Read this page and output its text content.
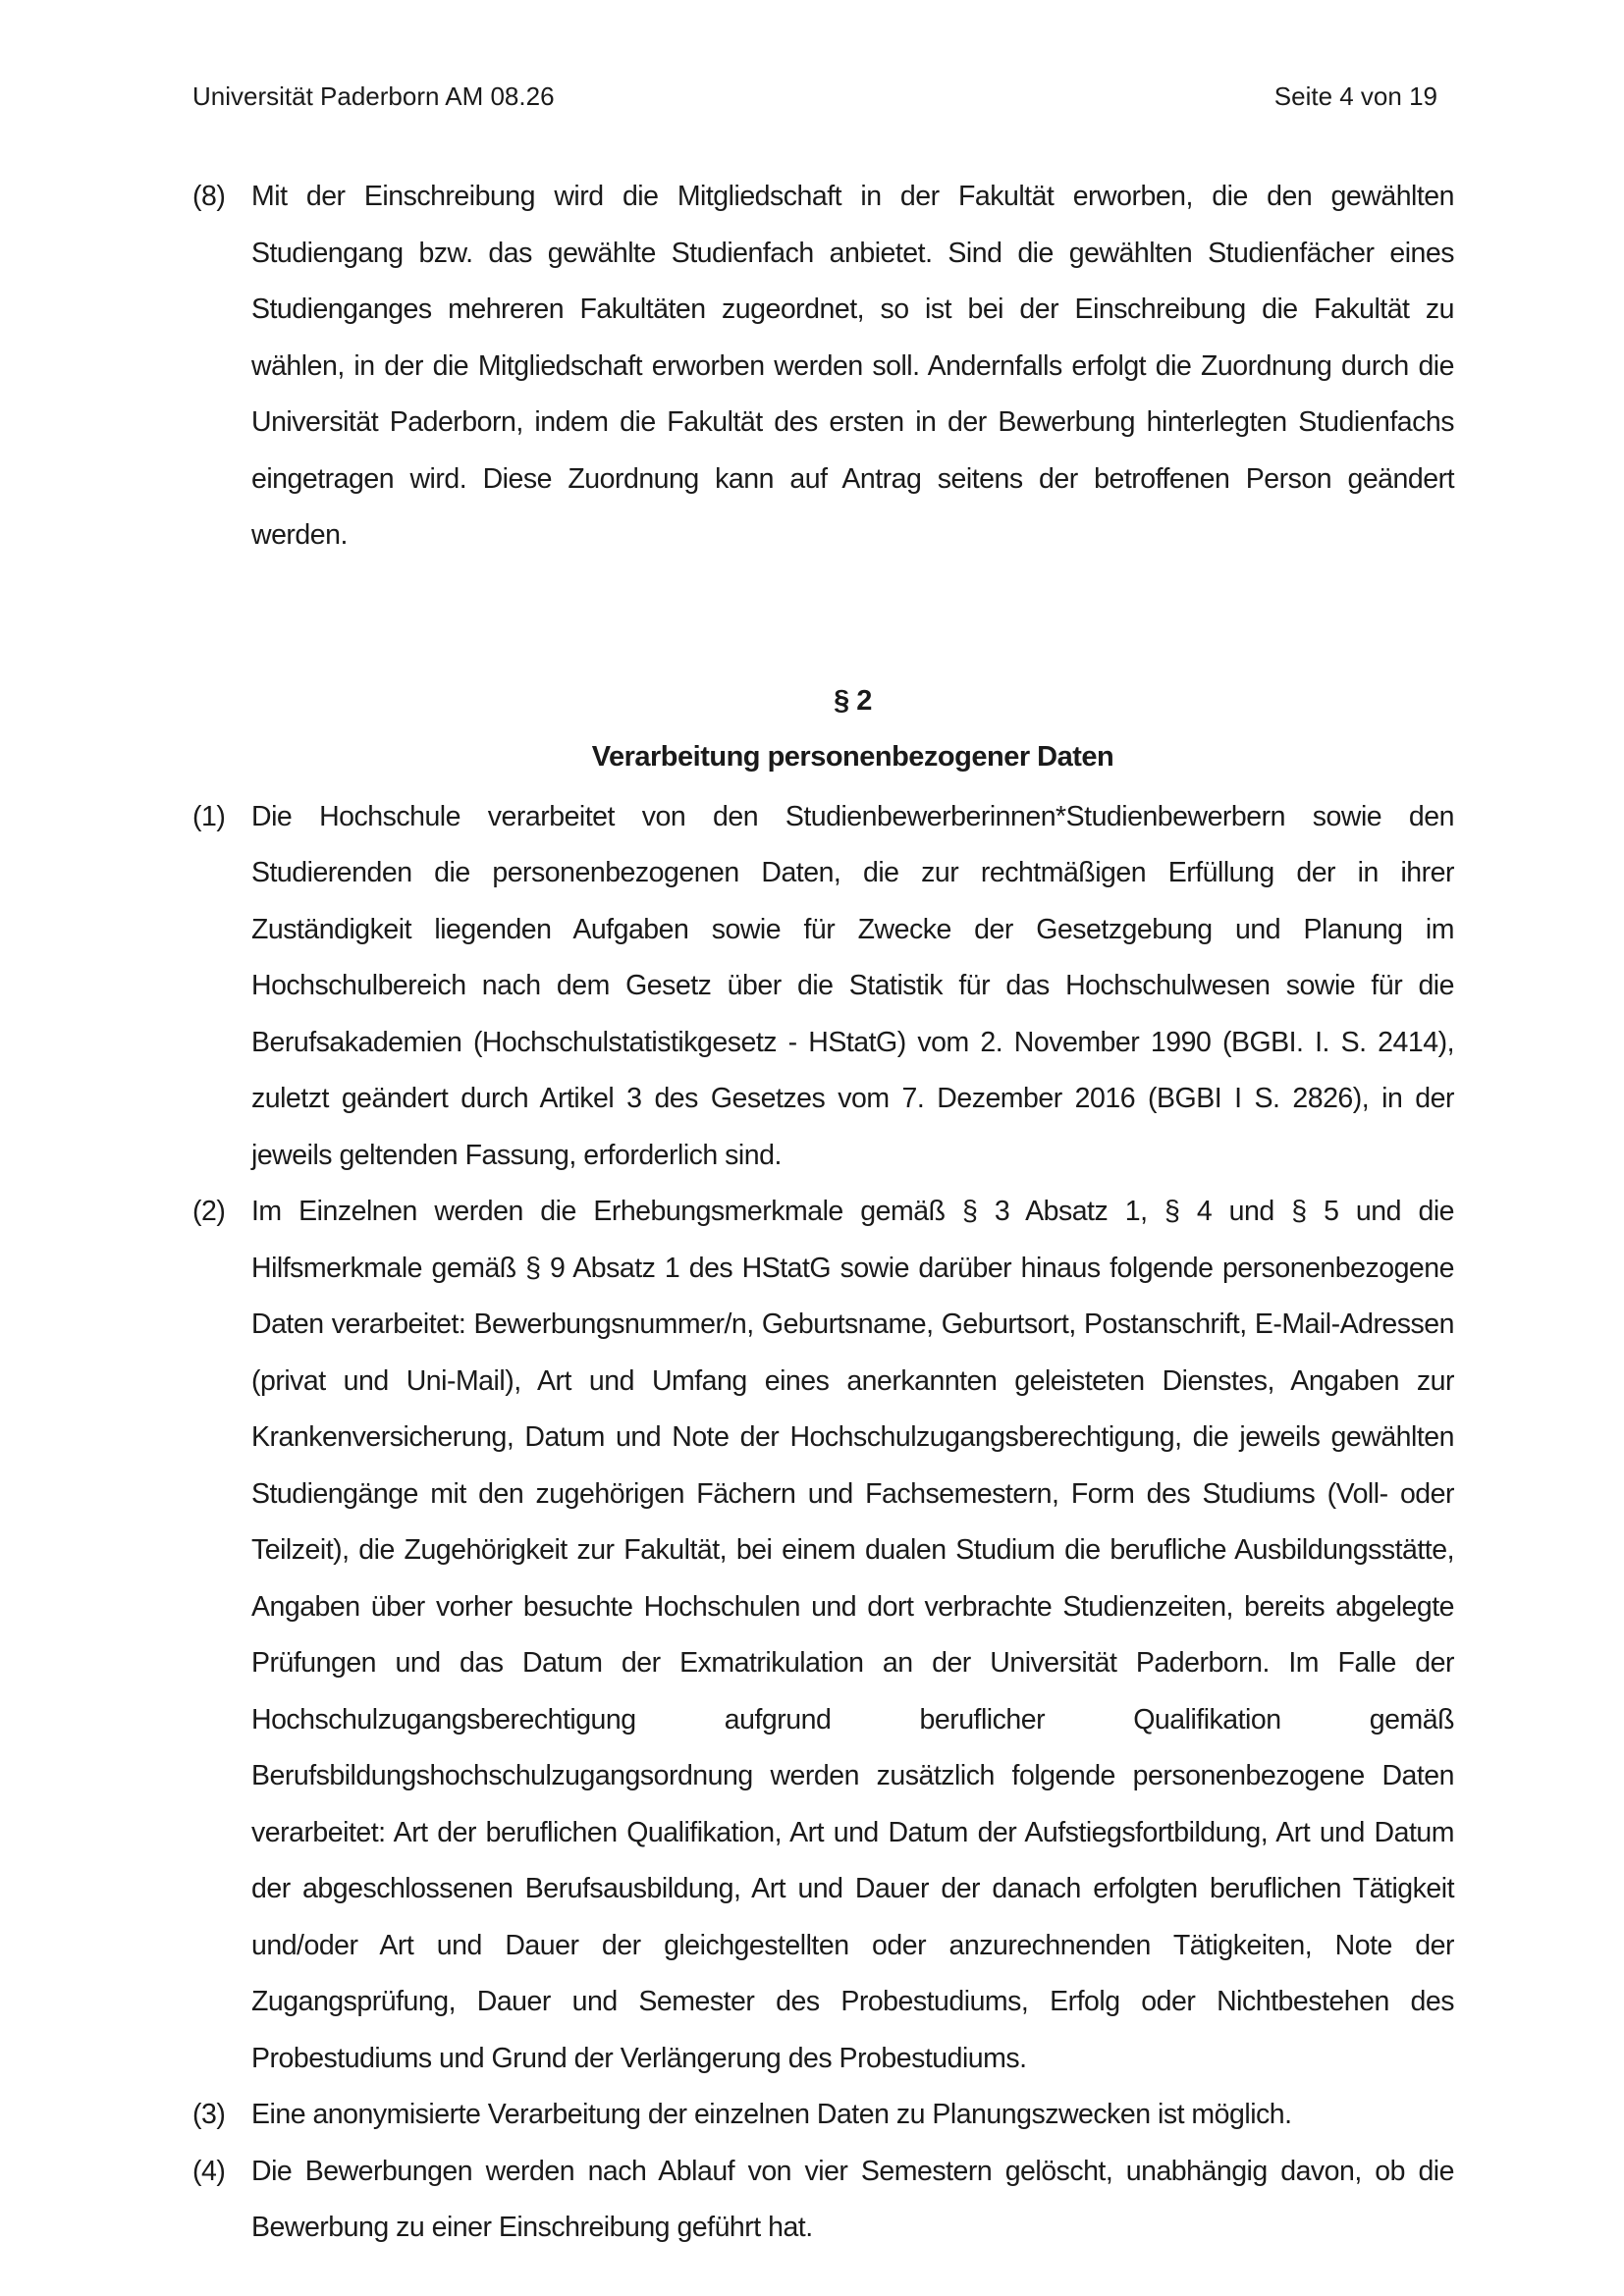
Universität Paderborn AM 08.26	Seite 4 von 19
(8) Mit der Einschreibung wird die Mitgliedschaft in der Fakultät erworben, die den gewählten Studiengang bzw. das gewählte Studienfach anbietet. Sind die gewählten Studienfächer eines Studienganges mehreren Fakultäten zugeordnet, so ist bei der Einschreibung die Fakultät zu wählen, in der die Mitgliedschaft erworben werden soll. Andernfalls erfolgt die Zuordnung durch die Universität Paderborn, indem die Fakultät des ersten in der Bewerbung hinterlegten Studienfachs eingetragen wird. Diese Zuordnung kann auf Antrag seitens der betroffenen Person geändert werden.
§ 2
Verarbeitung personenbezogener Daten
(1) Die Hochschule verarbeitet von den Studienbewerberinnen*Studienbewerbern sowie den Studierenden die personenbezogenen Daten, die zur rechtmäßigen Erfüllung der in ihrer Zuständigkeit liegenden Aufgaben sowie für Zwecke der Gesetzgebung und Planung im Hochschulbereich nach dem Gesetz über die Statistik für das Hochschulwesen sowie für die Berufsakademien (Hochschulstatistikgesetz - HStatG) vom 2. November 1990 (BGBI. I. S. 2414), zuletzt geändert durch Artikel 3 des Gesetzes vom 7. Dezember 2016 (BGBI I S. 2826), in der jeweils geltenden Fassung, erforderlich sind.
(2) Im Einzelnen werden die Erhebungsmerkmale gemäß § 3 Absatz 1, § 4 und § 5 und die Hilfsmerkmale gemäß § 9 Absatz 1 des HStatG sowie darüber hinaus folgende personenbezogene Daten verarbeitet: Bewerbungsnummer/n, Geburtsname, Geburtsort, Postanschrift, E-Mail-Adressen (privat und Uni-Mail), Art und Umfang eines anerkannten geleisteten Dienstes, Angaben zur Krankenversicherung, Datum und Note der Hochschulzugangsberechtigung, die jeweils gewählten Studiengänge mit den zugehörigen Fächern und Fachsemestern, Form des Studiums (Voll- oder Teilzeit), die Zugehörigkeit zur Fakultät, bei einem dualen Studium die berufliche Ausbildungsstätte, Angaben über vorher besuchte Hochschulen und dort verbrachte Studienzeiten, bereits abgelegte Prüfungen und das Datum der Exmatrikulation an der Universität Paderborn. Im Falle der Hochschulzugangsberechtigung aufgrund beruflicher Qualifikation gemäß Berufsbildungshochschulzugangsordnung werden zusätzlich folgende personenbezogene Daten verarbeitet: Art der beruflichen Qualifikation, Art und Datum der Aufstiegsfortbildung, Art und Datum der abgeschlossenen Berufsausbildung, Art und Dauer der danach erfolgten beruflichen Tätigkeit und/oder Art und Dauer der gleichgestellten oder anzurechnenden Tätigkeiten, Note der Zugangsprüfung, Dauer und Semester des Probestudiums, Erfolg oder Nichtbestehen des Probestudiums und Grund der Verlängerung des Probestudiums.
(3) Eine anonymisierte Verarbeitung der einzelnen Daten zu Planungszwecken ist möglich.
(4) Die Bewerbungen werden nach Ablauf von vier Semestern gelöscht, unabhängig davon, ob die Bewerbung zu einer Einschreibung geführt hat.
